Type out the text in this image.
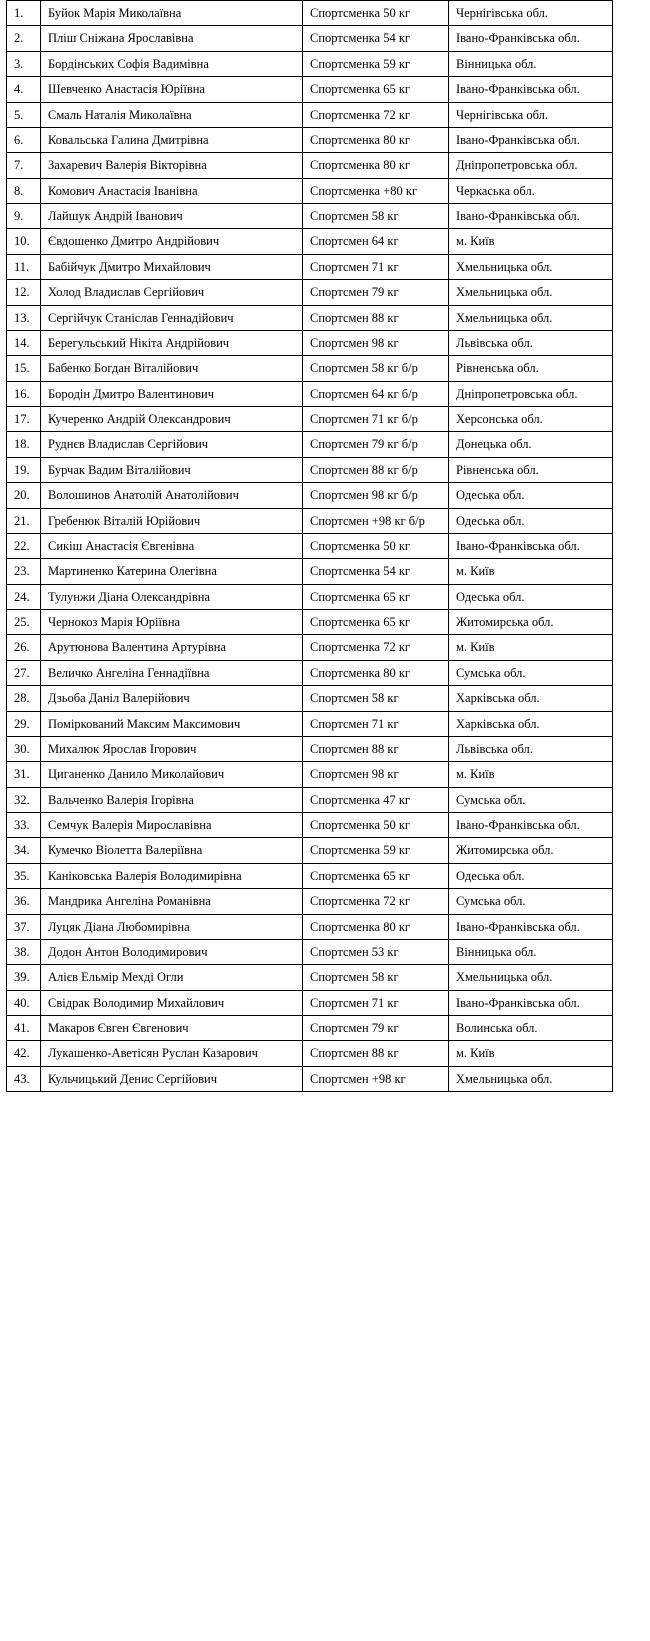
1.	Буйок Марія Миколаївна	Спортсменка 50 кг	Чернігівська обл.
2.	Пліш Сніжана Ярославівна	Спортсменка 54 кг	Івано-Франківська обл.
3.	Бордінських Софія Вадимівна	Спортсменка 59 кг	Вінницька обл.
4.	Шевченко Анастасія Юріївна	Спортсменка 65 кг	Івано-Франківська обл.
5.	Смаль Наталія Миколаївна	Спортсменка 72 кг	Чернігівська обл.
6.	Ковальська Галина Дмитрівна	Спортсменка 80 кг	Івано-Франківська обл.
7.	Захаревич Валерія Вікторівна	Спортсменка 80 кг	Дніпропетровська обл.
8.	Комович Анастасія Іванівна	Спортсменка +80 кг	Черкаська обл.
9.	Лайшук Андрій Іванович	Спортсмен 58 кг	Івано-Франківська обл.
10.	Євдошенко Дмитро Андрійович	Спортсмен 64 кг	м. Київ
11.	Бабійчук Дмитро Михайлович	Спортсмен 71 кг	Хмельницька обл.
12.	Холод Владислав Сергійович	Спортсмен 79 кг	Хмельницька обл.
13.	Сергійчук Станіслав Геннадійович	Спортсмен 88 кг	Хмельницька обл.
14.	Берегульський Нікіта Андрійович	Спортсмен 98 кг	Львівська обл.
15.	Бабенко Богдан Віталійович	Спортсмен 58 кг б/р	Рівненська обл.
16.	Бородін Дмитро Валентинович	Спортсмен 64 кг б/р	Дніпропетровська обл.
17.	Кучеренко Андрій Олександрович	Спортсмен 71 кг б/р	Херсонська обл.
18.	Руднєв Владислав Сергійович	Спортсмен 79 кг б/р	Донецька обл.
19.	Бурчак Вадим Віталійович	Спортсмен 88 кг б/р	Рівненська обл.
20.	Волошинов Анатолій Анатолійович	Спортсмен 98 кг б/р	Одеська обл.
21.	Гребенюк Віталій Юрійович	Спортсмен +98 кг б/р	Одеська обл.
22.	Сикіш Анастасія Євгенівна	Спортсменка 50 кг	Івано-Франківська обл.
23.	Мартиненко Катерина Олегівна	Спортсменка 54 кг	м. Київ
24.	Тулунжи Діана Олександрівна	Спортсменка 65 кг	Одеська обл.
25.	Чернокоз Марія Юріївна	Спортсменка 65 кг	Житомирська обл.
26.	Арутюнова Валентина Артурівна	Спортсменка 72 кг	м. Київ
27.	Величко Ангеліна Геннадіївна	Спортсменка 80 кг	Сумська обл.
28.	Дзьоба Даніл Валерійович	Спортсмен 58 кг	Харківська обл.
29.	Поміркований Максим Максимович	Спортсмен 71 кг	Харківська обл.
30.	Михалюк Ярослав Ігорович	Спортсмен 88 кг	Львівська обл.
31.	Циганенко Данило Миколайович	Спортсмен 98 кг	м. Київ
32.	Вальченко Валерія Ігорівна	Спортсменка 47 кг	Сумська обл.
33.	Семчук Валерія Мирославівна	Спортсменка 50 кг	Івано-Франківська обл.
34.	Кумечко Віолетта Валеріївна	Спортсменка 59 кг	Житомирська обл.
35.	Каніковська Валерія Володимирівна	Спортсменка 65 кг	Одеська обл.
36.	Мандрика Ангеліна Романівна	Спортсменка 72 кг	Сумська обл.
37.	Луцяк Діана Любомирівна	Спортсменка 80 кг	Івано-Франківська обл.
38.	Додон Антон Володимирович	Спортсмен 53 кг	Вінницька обл.
39.	Алієв Ельмір Мехді Огли	Спортсмен 58 кг	Хмельницька обл.
40.	Свідрак Володимир Михайлович	Спортсмен 71 кг	Івано-Франківська обл.
41.	Макаров Євген Євгенович	Спортсмен 79 кг	Волинська обл.
42.	Лукашенко-Аветісян Руслан Казарович	Спортсмен 88 кг	м. Київ
43.	Кульчицький Денис Сергійович	Спортсмен +98 кг	Хмельницька обл.
